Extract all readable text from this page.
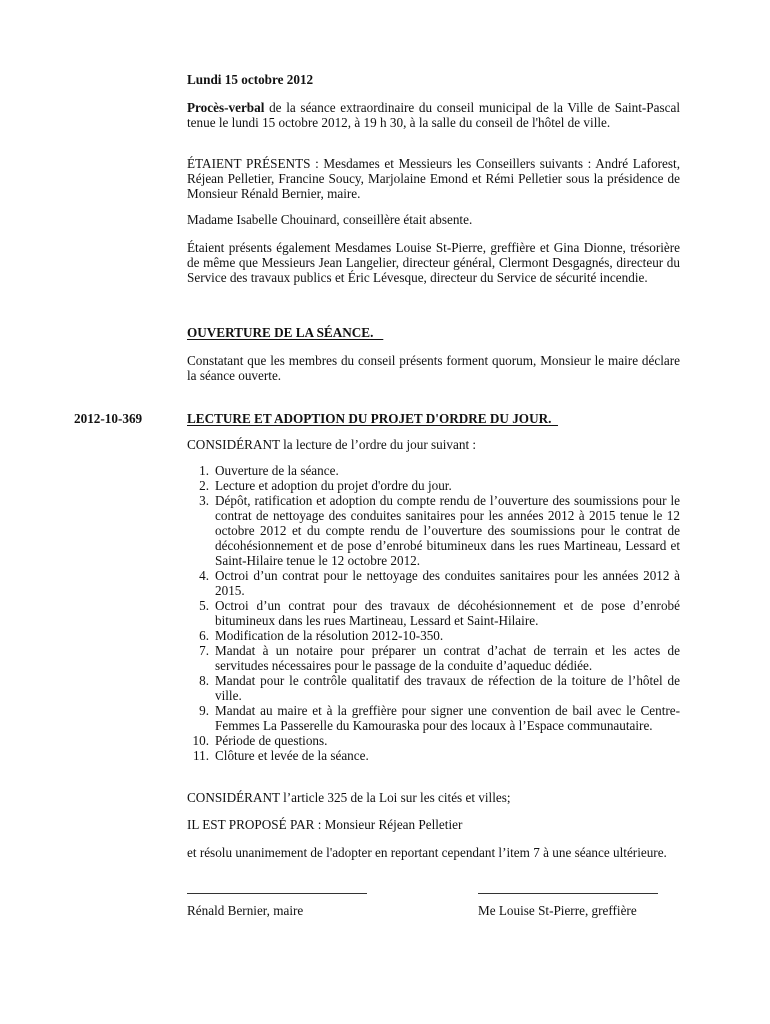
Lundi 15 octobre 2012

Procès-verbal de la séance extraordinaire du conseil municipal de la Ville de Saint-Pascal tenue le lundi 15 octobre 2012, à 19 h 30, à la salle du conseil de l'hôtel de ville.

ÉTAIENT PRÉSENTS : Mesdames et Messieurs les Conseillers suivants : André Laforest, Réjean Pelletier, Francine Soucy, Marjolaine Emond et Rémi Pelletier sous la présidence de Monsieur Rénald Bernier, maire.

Madame Isabelle Chouinard, conseillère était absente.

Étaient présents également Mesdames Louise St-Pierre, greffière et Gina Dionne, trésorière de même que Messieurs Jean Langelier, directeur général, Clermont Desgagnés, directeur du Service des travaux publics et Éric Lévesque, directeur du Service de sécurité incendie.

OUVERTURE DE LA SÉANCE.

Constatant que les membres du conseil présents forment quorum, Monsieur le maire déclare la séance ouverte.

2012-10-369	LECTURE ET ADOPTION DU PROJET D'ORDRE DU JOUR.

CONSIDÉRANT la lecture de l’ordre du jour suivant :

1. Ouverture de la séance.
2. Lecture et adoption du projet d'ordre du jour.
3. Dépôt, ratification et adoption du compte rendu de l’ouverture des soumissions pour le contrat de nettoyage des conduites sanitaires pour les années 2012 à 2015 tenue le 12 octobre 2012 et du compte rendu de l’ouverture des soumissions pour le contrat de décohésionnement et de pose d’enrobé bitumineux dans les rues Martineau, Lessard et Saint-Hilaire tenue le 12 octobre 2012.
4. Octroi d’un contrat pour le nettoyage des conduites sanitaires pour les années 2012 à 2015.
5. Octroi d’un contrat pour des travaux de décohésionnement et de pose d’enrobé bitumineux dans les rues Martineau, Lessard et Saint-Hilaire.
6. Modification de la résolution 2012-10-350.
7. Mandat à un notaire pour préparer un contrat d’achat de terrain et les actes de servitudes nécessaires pour le passage de la conduite d’aqueduc dédiée.
8. Mandat pour le contrôle qualitatif des travaux de réfection de la toiture de l’hôtel de ville.
9. Mandat au maire et à la greffière pour signer une convention de bail avec le Centre-Femmes La Passerelle du Kamouraska pour des locaux à l’Espace communautaire.
10. Période de questions.
11. Clôture et levée de la séance.

CONSIDÉRANT l’article 325 de la Loi sur les cités et villes;

IL EST PROPOSÉ PAR : Monsieur Réjean Pelletier

et résolu unanimement de l'adopter en reportant cependant l’item 7 à une séance ultérieure.

Rénald Bernier, maire	Me Louise St-Pierre, greffière
